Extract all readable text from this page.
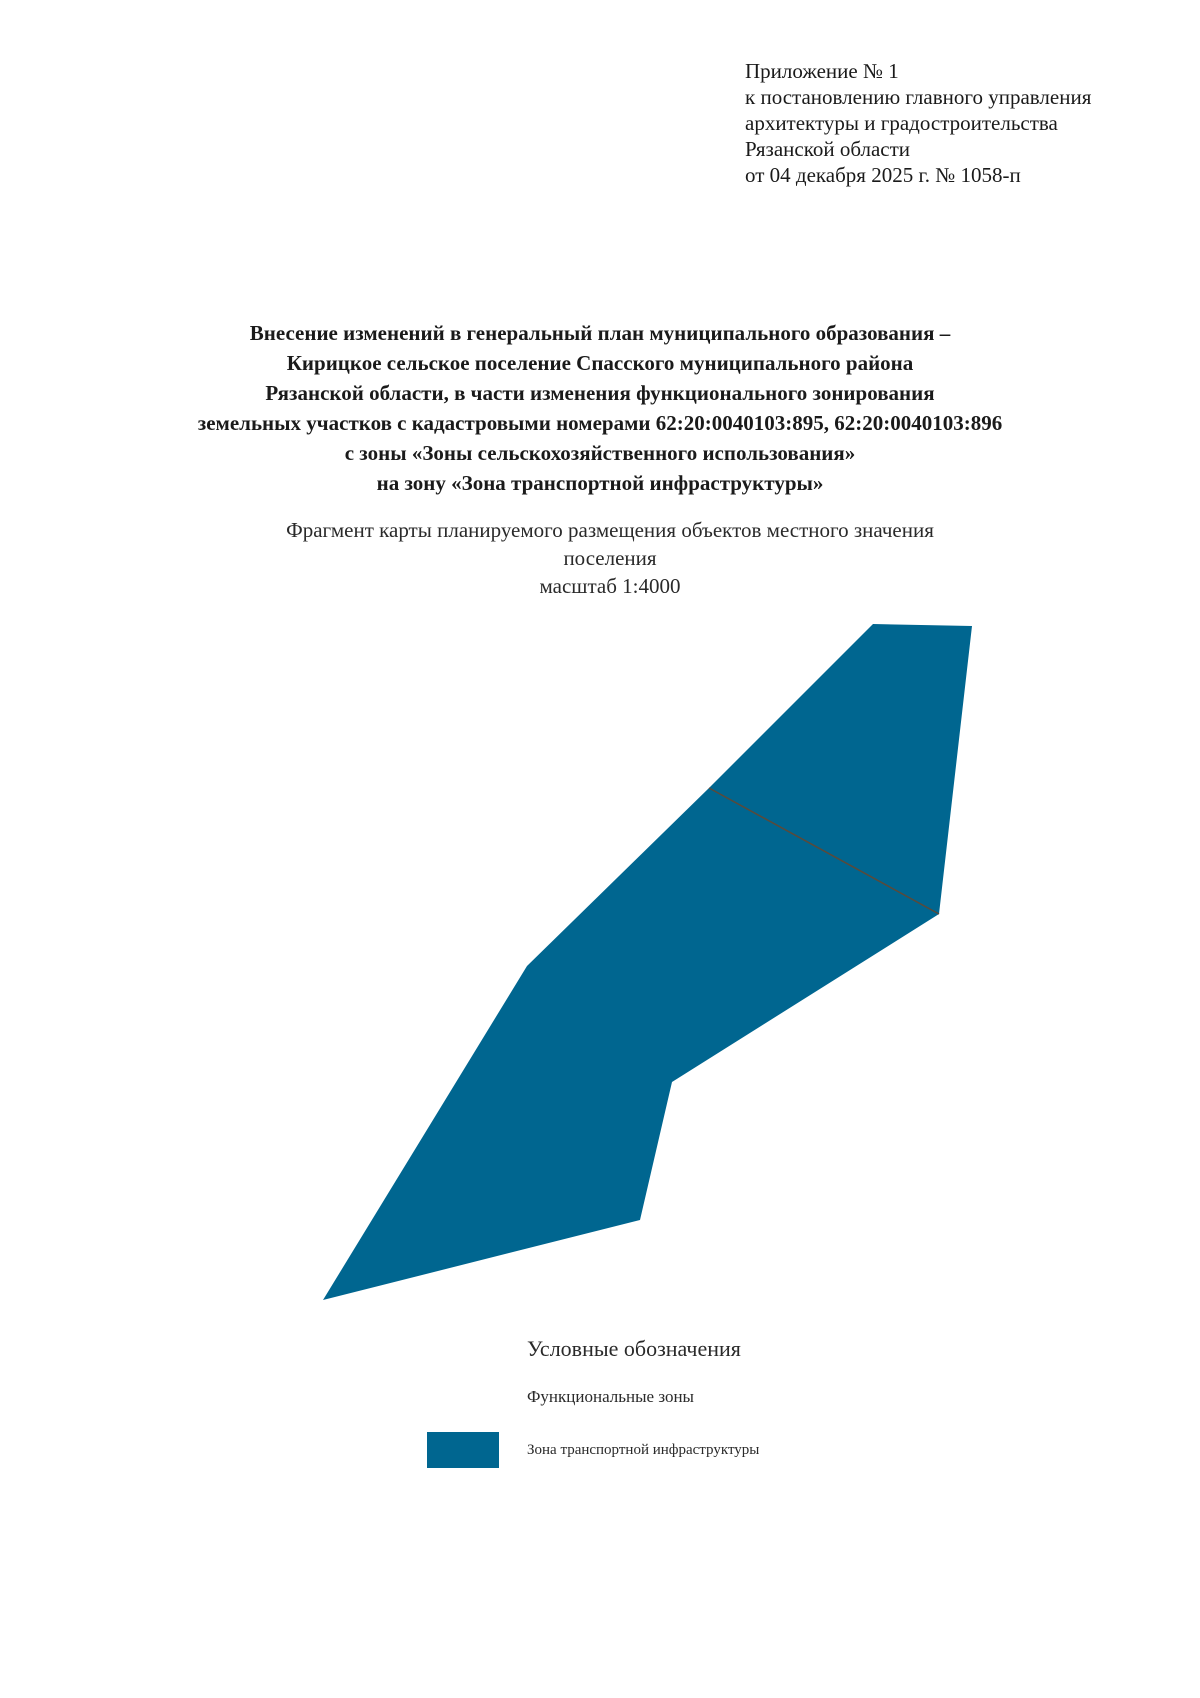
Приложение № 1
к постановлению главного управления
архитектуры и градостроительства
Рязанской области
от 04 декабря 2025 г. № 1058-п
Внесение изменений в генеральный план муниципального образования –
Кирицкое сельское поселение Спасского муниципального района
Рязанской области, в части изменения функционального зонирования
земельных участков с кадастровыми номерами 62:20:0040103:895, 62:20:0040103:896
с зоны «Зоны сельскохозяйственного использования»
на зону «Зона транспортной инфраструктуры»
Фрагмент карты планируемого размещения объектов местного значения
поселения
масштаб 1:4000
Условные обозначения
Функциональные зоны
Зона транспортной инфраструктуры
